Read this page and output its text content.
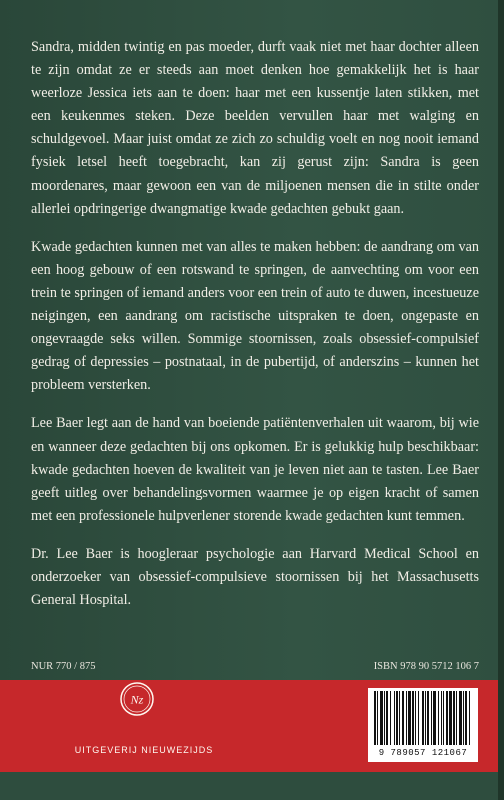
Sandra, midden twintig en pas moeder, durft vaak niet met haar dochter alleen te zijn omdat ze er steeds aan moet denken hoe gemakkelijk het is haar weerloze Jessica iets aan te doen: haar met een kussentje laten stikken, met een keukenmes steken. Deze beelden vervullen haar met walging en schuldgevoel. Maar juist omdat ze zich zo schuldig voelt en nog nooit iemand fysiek letsel heeft toegebracht, kan zij gerust zijn: Sandra is geen moordenares, maar gewoon een van de miljoenen mensen die in stilte onder allerlei opdringerige dwangmatige kwade gedachten gebukt gaan.

Kwade gedachten kunnen met van alles te maken hebben: de aandrang om van een hoog gebouw of een rotswand te springen, de aanvechting om voor een trein te springen of iemand anders voor een trein of auto te duwen, incestueuze neigingen, een aandrang om racistische uitspraken te doen, ongepaste en ongevraagde seks willen. Sommige stoornissen, zoals obsessief-compulsief gedrag of depressies – postnataal, in de pubertijd, of anderszins – kunnen het probleem versterken.

Lee Baer legt aan de hand van boeiende patiëntenverhalen uit waarom, bij wie en wanneer deze gedachten bij ons opkomen. Er is gelukkig hulp beschikbaar: kwade gedachten hoeven de kwaliteit van je leven niet aan te tasten. Lee Baer geeft uitleg over behandelingsvormen waarmee je op eigen kracht of samen met een professionele hulpverlener storende kwade gedachten kunt temmen.

Dr. Lee Baer is hoogleraar psychologie aan Harvard Medical School en onderzoeker van obsessief-compulsieve stoornissen bij het Massachusetts General Hospital.

NUR 770 / 875	ISBN 978 90 5712 106 7
Nz
UITGEVERIJ NIEUWEZIJDS	9 789057 121067
